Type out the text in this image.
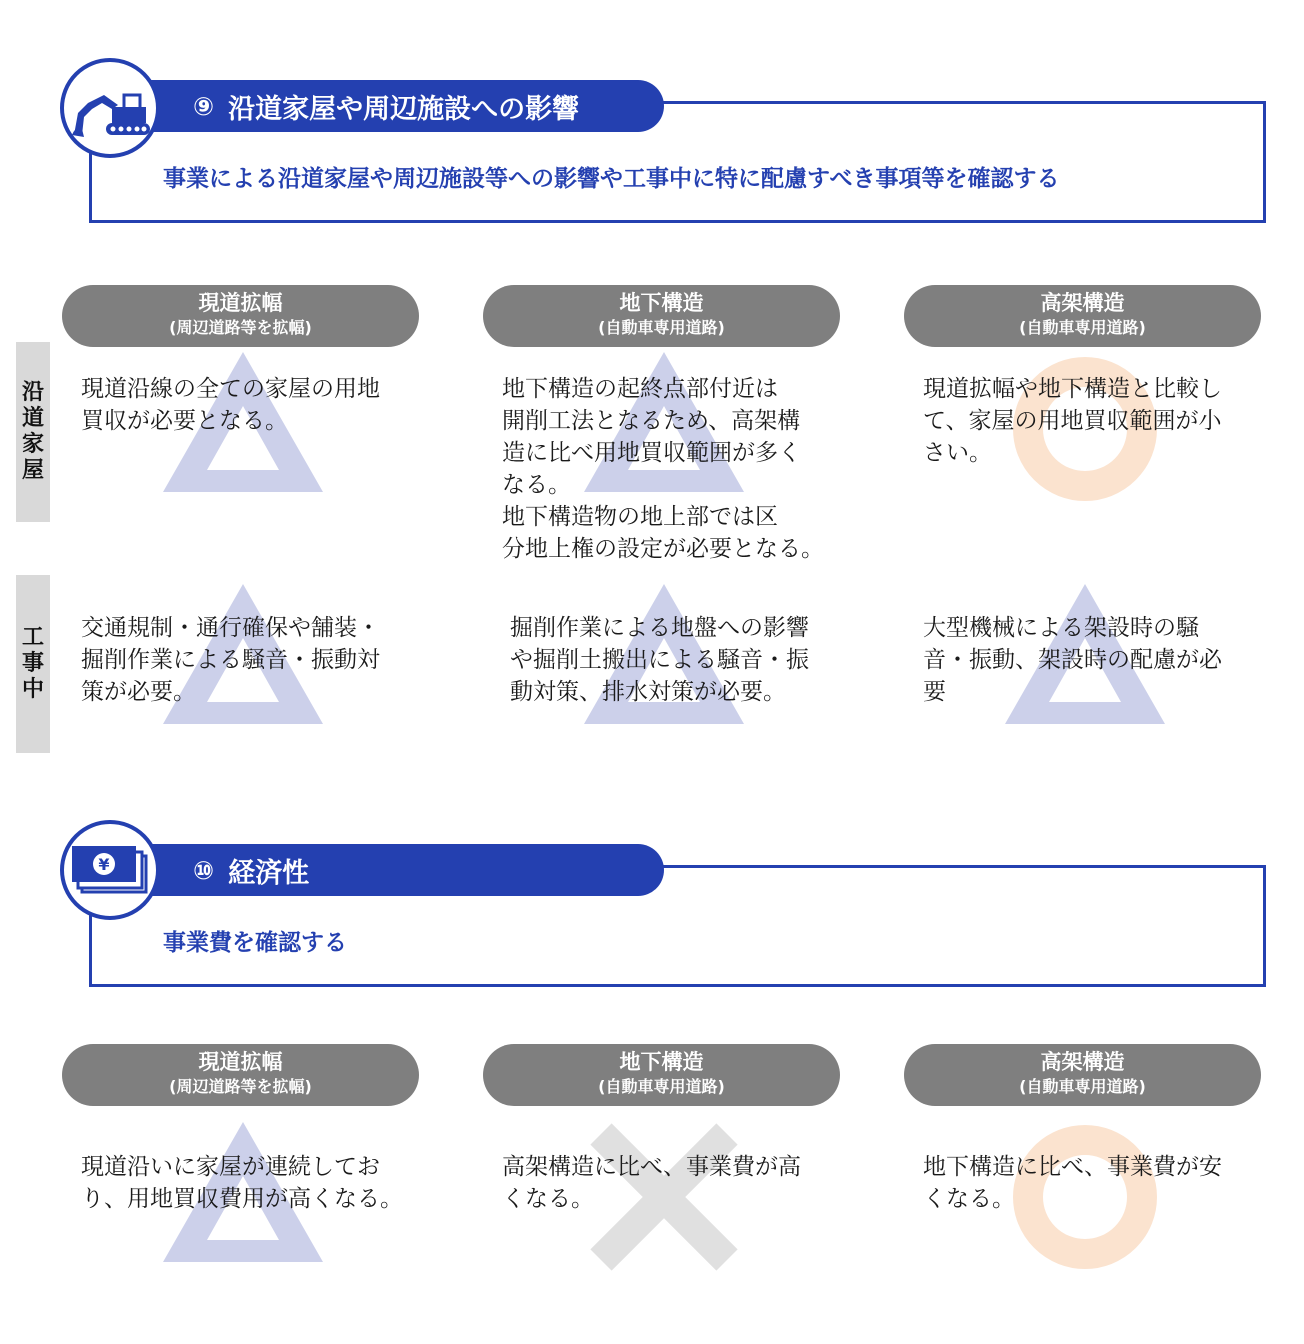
⑨ 沿道家屋や周辺施設への影響
事業による沿道家屋や周辺施設等への影響や工事中に特に配慮すべき事項等を確認する
現道拡幅
(周辺道路等を拡幅)
地下構造
(自動車専用道路)
高架構造
(自動車専用道路)
沿
道
家
屋
工
事
中
現道沿線の全ての家屋の用地
買収が必要となる。
地下構造の起終点部付近は
開削工法となるため、高架構
造に比べ用地買収範囲が多く
なる。
地下構造物の地上部では区
分地上権の設定が必要となる。
現道拡幅や地下構造と比較し
て、家屋の用地買収範囲が小
さい。
交通規制・通行確保や舗装・
掘削作業による騒音・振動対
策が必要。
掘削作業による地盤への影響
や掘削土搬出による騒音・振
動対策、排水対策が必要。
大型機械による架設時の騒
音・振動、架設時の配慮が必
要
⑩ 経済性
¥
事業費を確認する
現道拡幅
(周辺道路等を拡幅)
地下構造
(自動車専用道路)
高架構造
(自動車専用道路)
現道沿いに家屋が連続してお
り、用地買収費用が高くなる。
高架構造に比べ、事業費が高
くなる。
地下構造に比べ、事業費が安
くなる。
